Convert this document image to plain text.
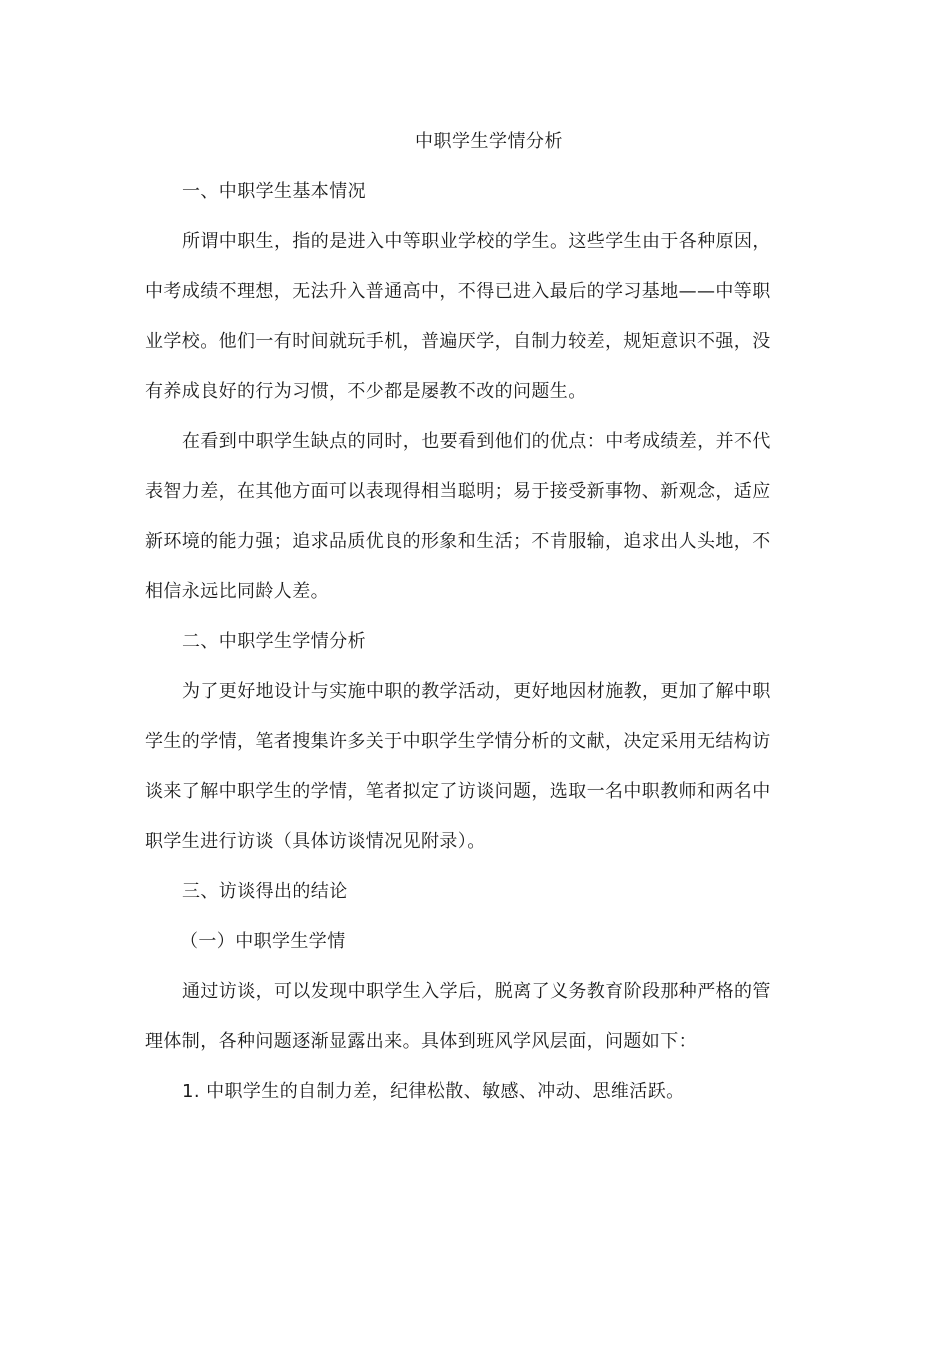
中职学生学情分析
一、中职学生基本情况
所谓中职生，指的是进入中等职业学校的学生。这些学生由于各种原因，
中考成绩不理想，无法升入普通高中，不得已进入最后的学习基地——中等职
业学校。他们一有时间就玩手机，普遍厌学，自制力较差，规矩意识不强，没
有养成良好的行为习惯，不少都是屡教不改的问题生。
在看到中职学生缺点的同时，也要看到他们的优点：中考成绩差，并不代
表智力差，在其他方面可以表现得相当聪明；易于接受新事物、新观念，适应
新环境的能力强；追求品质优良的形象和生活；不肯服输，追求出人头地，不
相信永远比同龄人差。
二、中职学生学情分析
为了更好地设计与实施中职的教学活动，更好地因材施教，更加了解中职
学生的学情，笔者搜集许多关于中职学生学情分析的文献，决定采用无结构访
谈来了解中职学生的学情，笔者拟定了访谈问题，选取一名中职教师和两名中
职学生进行访谈（具体访谈情况见附录）。
三、访谈得出的结论
（一）中职学生学情
通过访谈，可以发现中职学生入学后，脱离了义务教育阶段那种严格的管
理体制，各种问题逐渐显露出来。具体到班风学风层面，问题如下：
1. 中职学生的自制力差，纪律松散、敏感、冲动、思维活跃。
